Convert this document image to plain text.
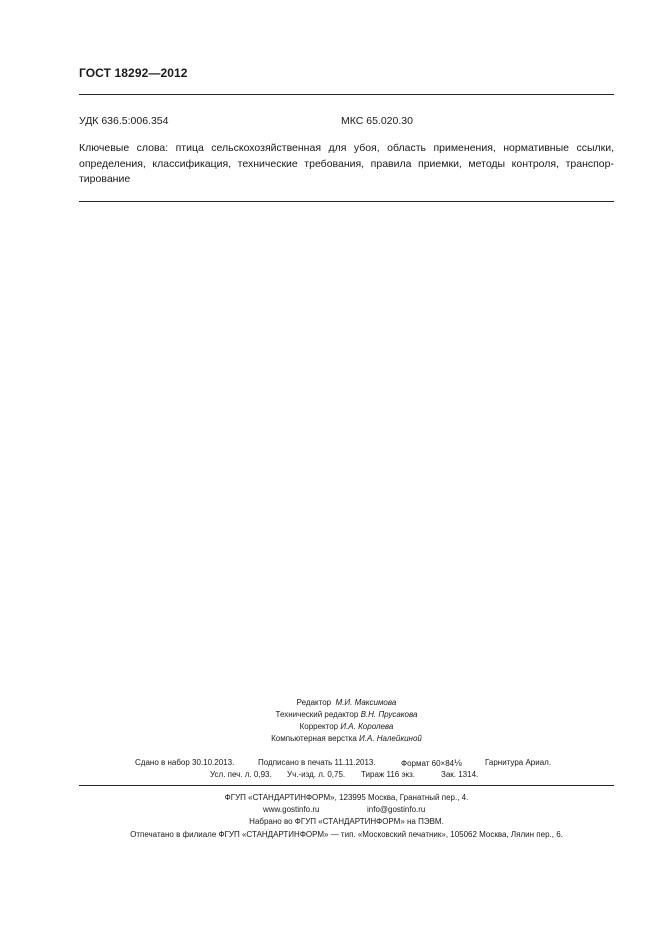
ГОСТ 18292—2012
УДК 636.5:006.354	МКС 65.020.30
Ключевые слова: птица сельскохозяйственная для убоя, область применения, нормативные ссылки,
определения, классификация, технические требования, правила приемки, методы контроля, транспор-
тирование
Редактор М.И. Максимова
Технический редактор В.Н. Прусакова
Корректор И.А. Королева
Компьютерная верстка И.А. Налейкиной
Сдано в набор 30.10.2013.	Подписано в печать 11.11.2013.	Формат 60×84⅛	Гарнитура Ариал.
Усл. печ. л. 0,93. Уч.-изд. л. 0,75. Тираж 116 экз.	Зак. 1314.
ФГУП «СТАНДАРТИНФОРМ», 123995 Москва, Гранатный пер., 4.
www.gostinfo.ru	info@gostinfo.ru
Набрано во ФГУП «СТАНДАРТИНФОРМ» на ПЭВМ.
Отпечатано в филиале ФГУП «СТАНДАРТИНФОРМ» — тип. «Московский печатник», 105062 Москва, Лялин пер., 6.
